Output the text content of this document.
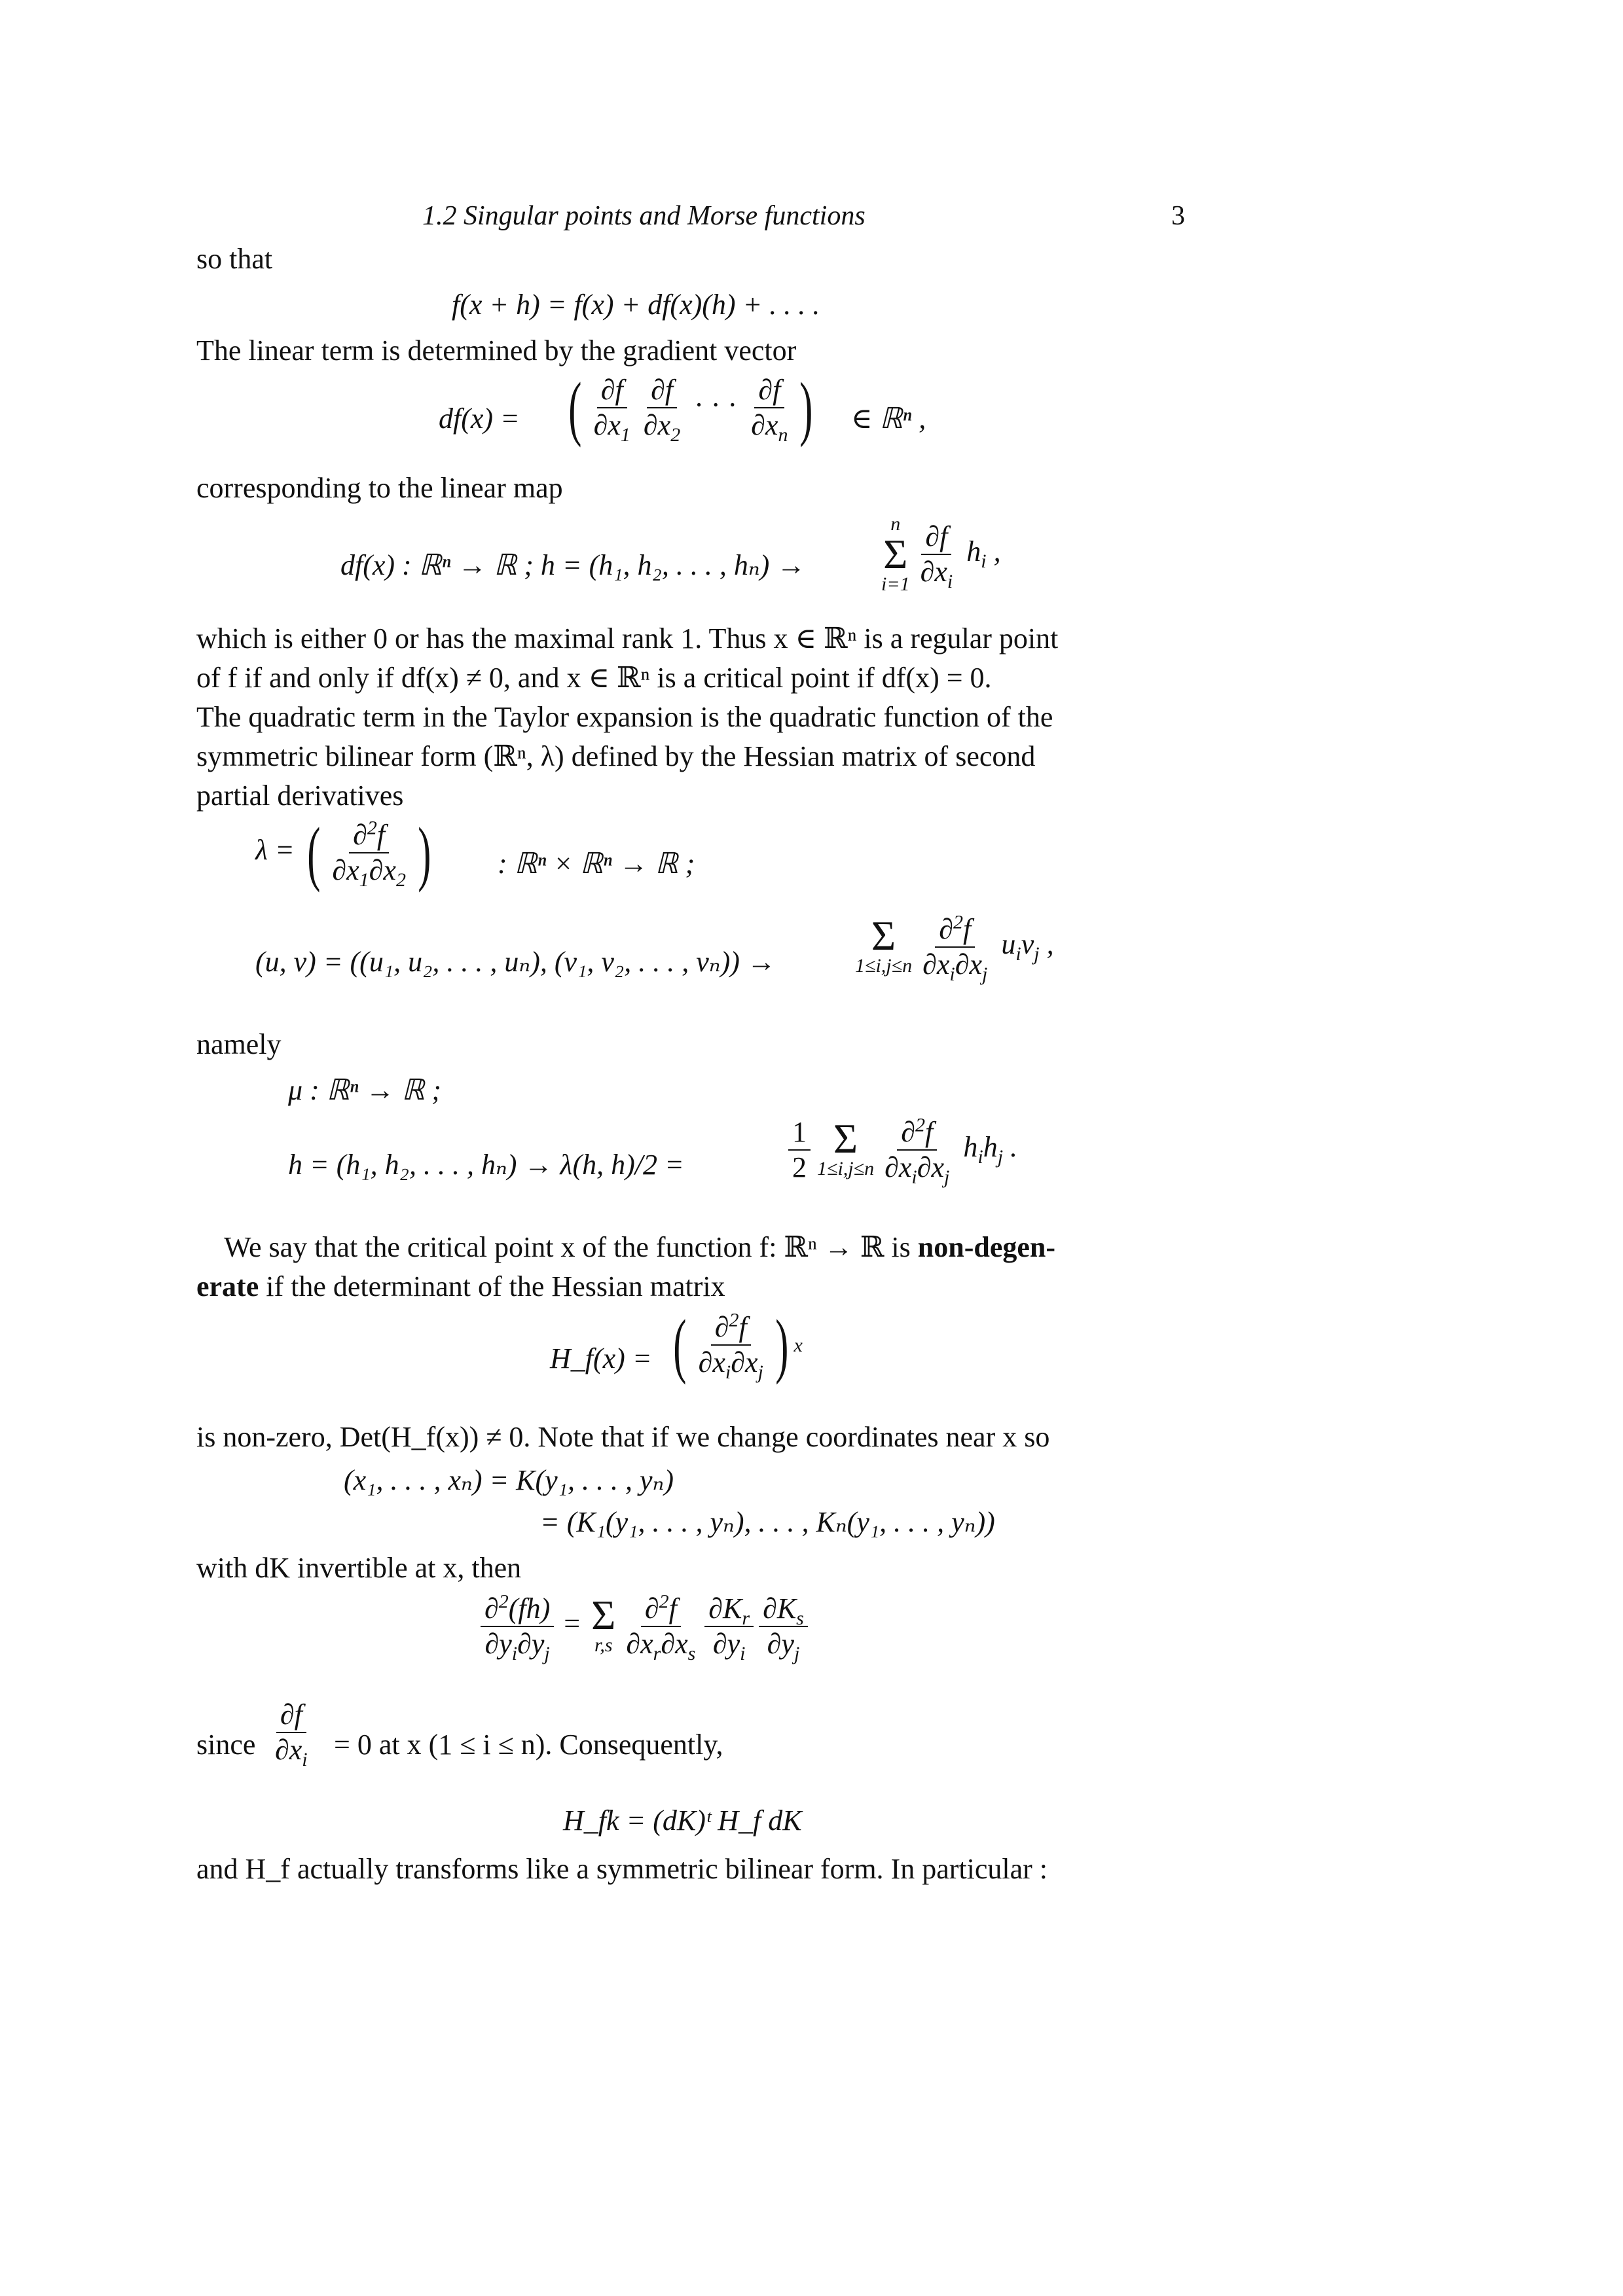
1.2 Singular points and Morse functions	3

so that

f(x + h) = f(x) + df(x)(h) + . . . .

The linear term is determined by the gradient vector

df(x) = ( $\frac{\partial f}{\partial x_1} \frac{\partial f}{\partial x_2}$ · · · $\frac{\partial f}{\partial x_n}$ ) ∈ ℝⁿ ,

corresponding to the linear map

df(x) : ℝⁿ → ℝ ; h = (h₁, h₂, . . . , hₙ) →
n
Σ
$i=1 \frac{\partial f}{\partial x_i} h_i$ ,

which is either 0 or has the maximal rank 1. Thus x ∈ ℝⁿ is a regular point

of f if and only if df(x) ≠ 0, and x ∈ ℝⁿ is a critical point if df(x) = 0.

The quadratic term in the Taylor expansion is the quadratic function of the

symmetric bilinear form (ℝⁿ, λ) defined by the Hessian matrix of second

partial derivatives

λ = ( $\frac{\partial^2f}{\partial x_1\partial x_2}$ ) : ℝⁿ × ℝⁿ → ℝ ;
(u, v) = ((u₁, u₂, . . . , uₙ), (v₁, v₂, . . . , vₙ)) →
Σ
$1\le i,j\le n \frac{\partial^2f}{\partial x_i\partial x_j} u_iv_j$ ,

namely

μ : ℝⁿ → ℝ ;
h = (h₁, h₂, . . . , hₙ) → λ(h, h)/2 =	$\frac{1}{2}$ Σ
$1\le i,j\le n \frac{\partial^2f}{\partial x_i\partial x_j} h_ih_j$ .

We say that the critical point x of the function f: ℝⁿ → ℝ is non-degen-

erate if the determinant of the Hessian matrix

H_f(x) = ( $\frac{\partial^2f}{\partial x_i\partial x_j}$ ) x

is non-zero, Det(H_f(x)) ≠ 0. Note that if we change coordinates near x so

(x₁, . . . , xₙ) = K(y₁, . . . , yₙ)
= (K₁(y₁, . . . , yₙ), . . . , Kₙ(y₁, . . . , yₙ))

with dK invertible at x, then

$\frac{\partial^2(fh)}{\partial y_i\partial y_j} = \Sigma$
$r,s \frac{\partial^2f}{\partial x_r\partial x_s} \frac{\partial K_r}{\partial y_i} \frac{\partial K_s}{\partial y_j}$
since $\frac{\partial f}{\partial x_i} = 0$ at x (1 ≤ i ≤ n). Consequently,
H_fk = (dK)ᵗ H_f dK

and H_f actually transforms like a symmetric bilinear form. In particular :
